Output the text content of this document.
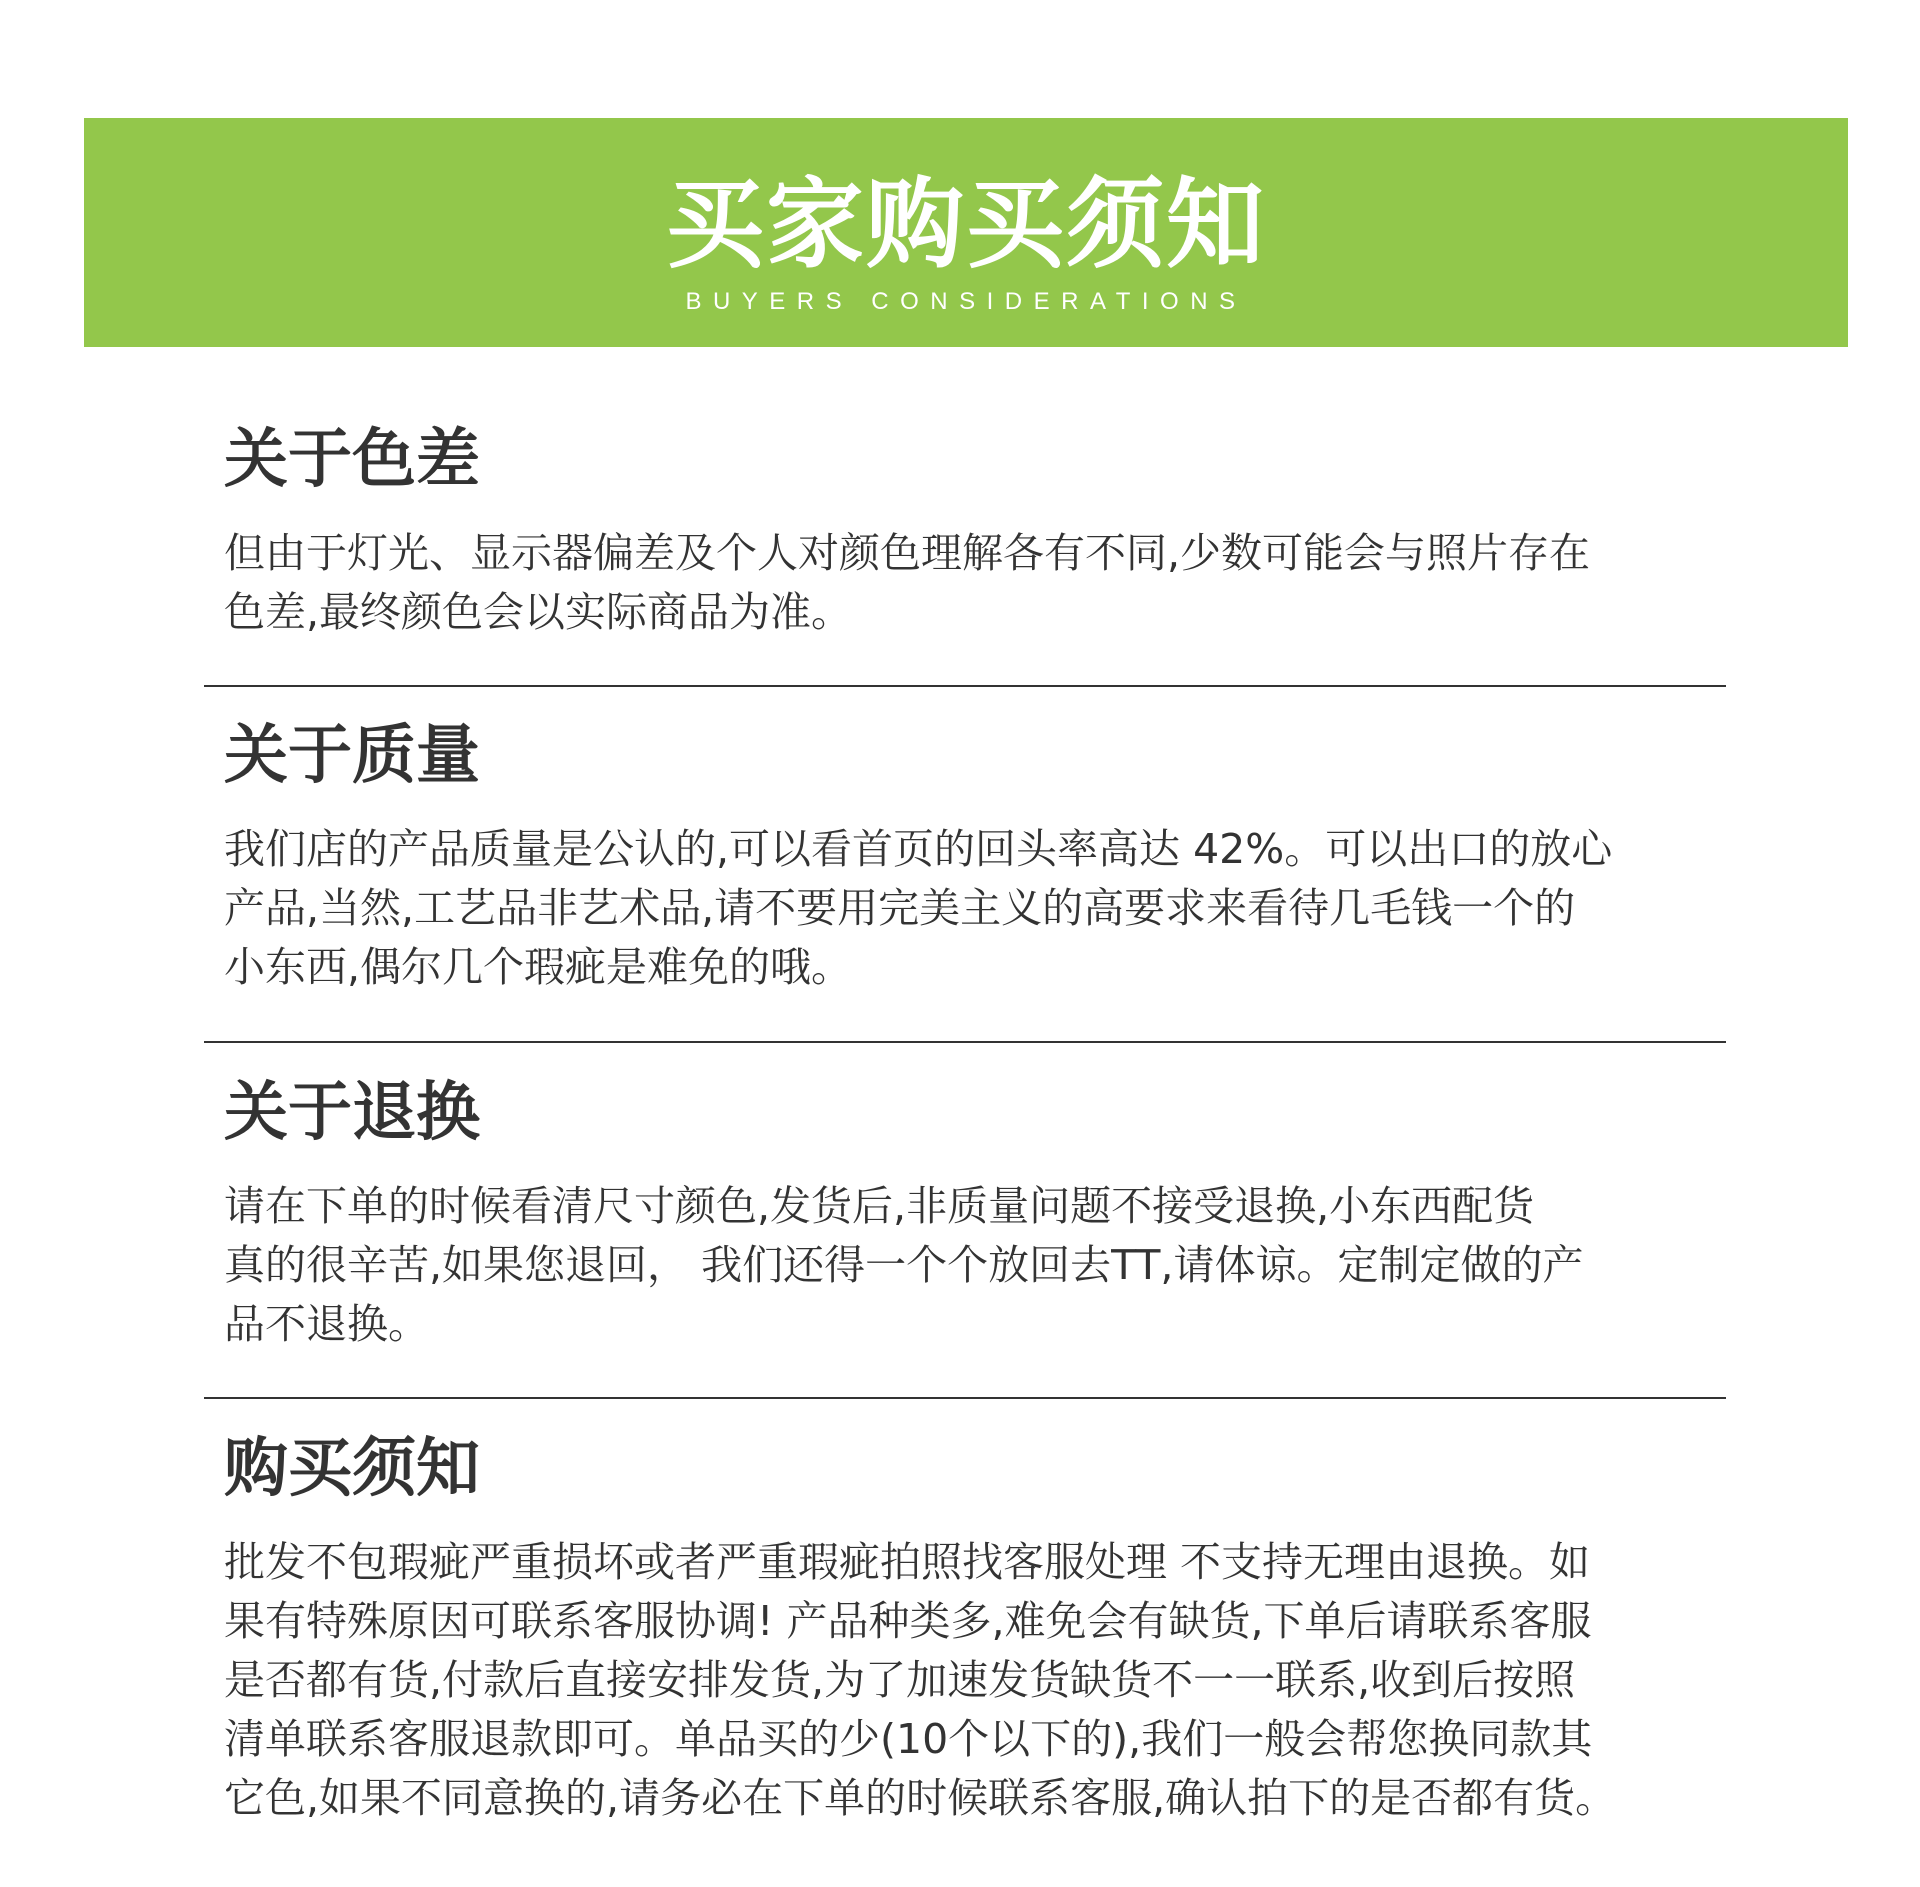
买家购买须知
BUYERS CONSIDERATIONS
关于色差
但由于灯光、显示器偏差及个人对颜色理解各有不同,少数可能会与照片存在
色差,最终颜色会以实际商品为准。
关于质量
我们店的产品质量是公认的,可以看首页的回头率高达 42%。可以出口的放心
产品,当然,工艺品非艺术品,请不要用完美主义的高要求来看待几毛钱一个的
小东西,偶尔几个瑕疵是难免的哦。
关于退换
请在下单的时候看清尺寸颜色,发货后,非质量问题不接受退换,小东西配货
真的很辛苦,如果您退回， 我们还得一个个放回去TT,请体谅。定制定做的产
品不退换。
购买须知
批发不包瑕疵严重损坏或者严重瑕疵拍照找客服处理 不支持无理由退换。如
果有特殊原因可联系客服协调! 产品种类多,难免会有缺货,下单后请联系客服
是否都有货,付款后直接安排发货,为了加速发货缺货不一一联系,收到后按照
清单联系客服退款即可。单品买的少(10个以下的),我们一般会帮您换同款其
它色,如果不同意换的,请务必在下单的时候联系客服,确认拍下的是否都有货。
